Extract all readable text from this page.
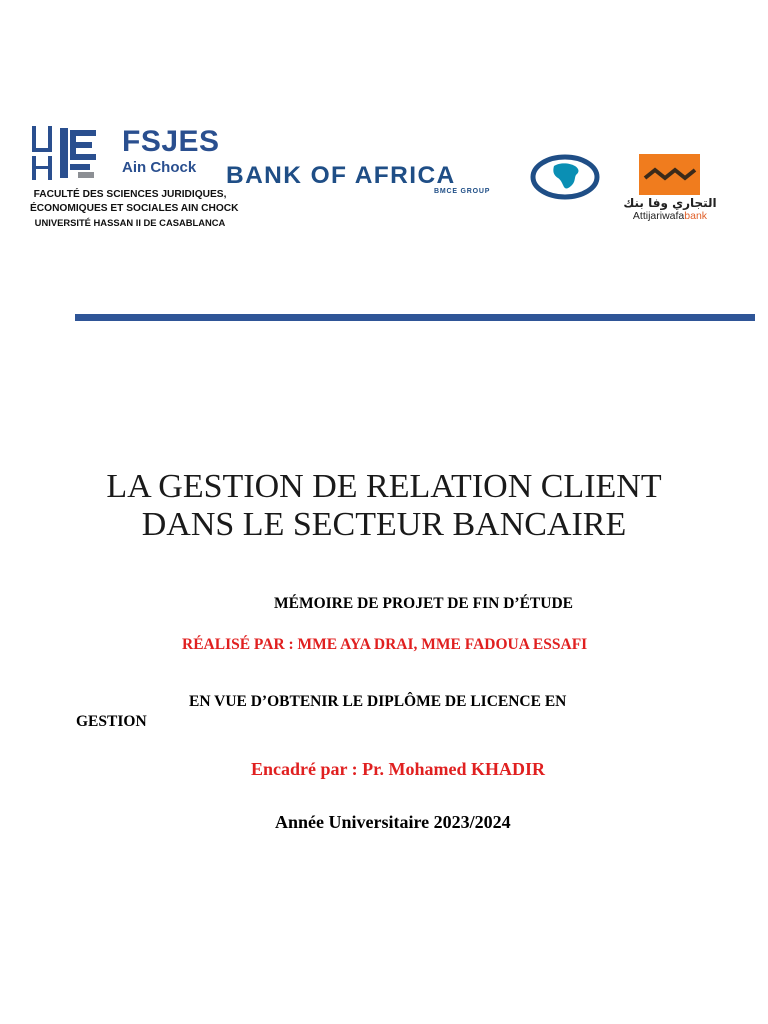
FSJES
Ain Chock
FACULTÉ DES SCIENCES JURIDIQUES,
ÉCONOMIQUES ET SOCIALES AIN CHOCK
UNIVERSITÉ HASSAN II DE CASABLANCA
BANK OF AFRICA
BMCE GROUP
التجاري وفا بنك
Attijariwafabank
LA GESTION DE RELATION CLIENT
DANS LE SECTEUR BANCAIRE
MÉMOIRE DE PROJET DE FIN D’ÉTUDE
RÉALISÉ PAR : MME AYA DRAI, MME FADOUA ESSAFI
EN VUE D’OBTENIR LE DIPLÔME DE LICENCE EN
GESTION
Encadré par : Pr. Mohamed KHADIR
Année Universitaire 2023/2024
